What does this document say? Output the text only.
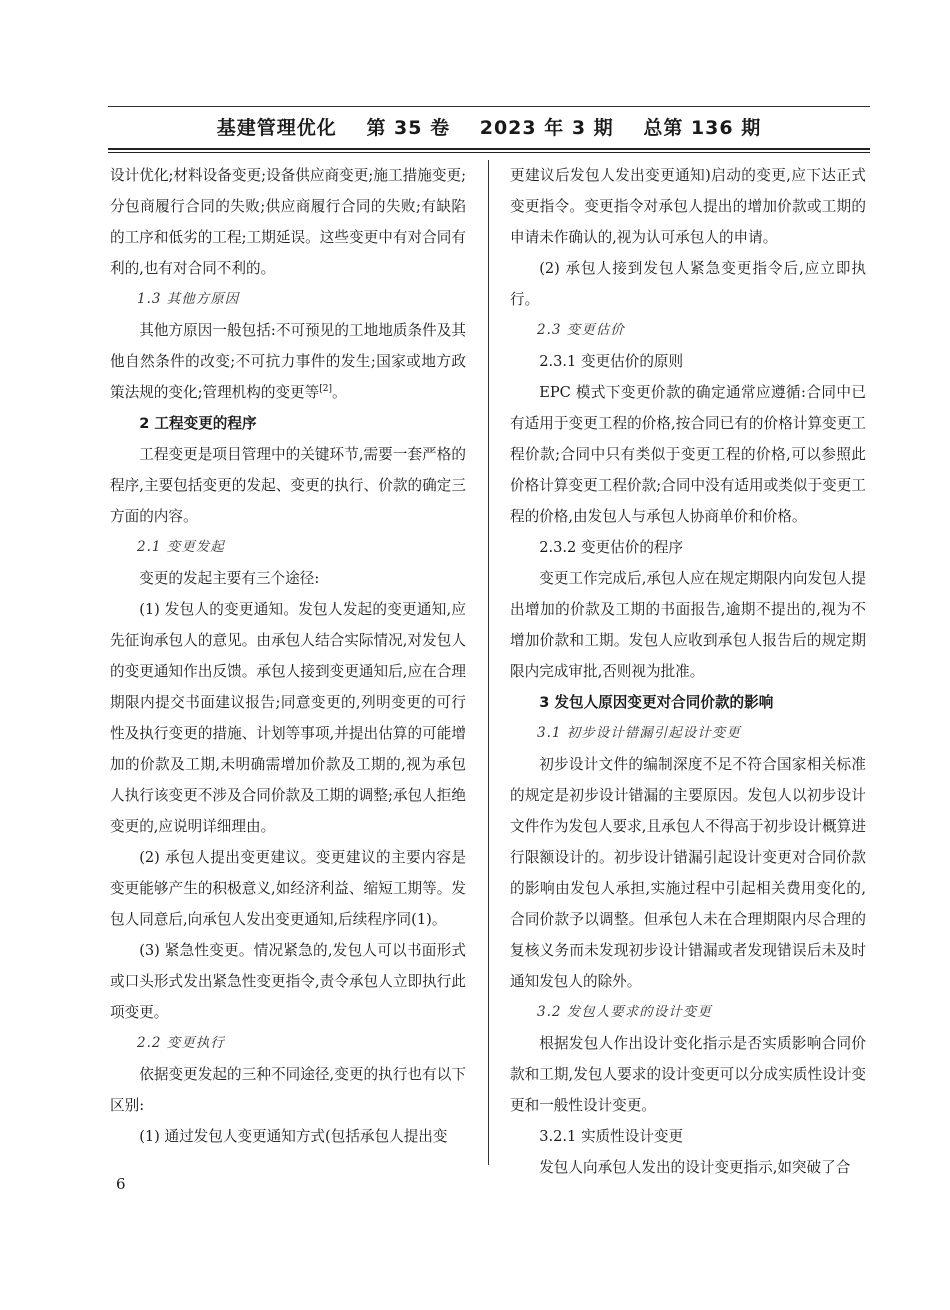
基建管理优化 第 35 卷 2023 年 3 期 总第 136 期

设计优化;材料设备变更;设备供应商变更;施工措施变更;分包商履行合同的失败;供应商履行合同的失败;有缺陷的工序和低劣的工程;工期延误。这些变更中有对合同有利的,也有对合同不利的。

1.3 其他方原因

其他方原因一般包括:不可预见的工地地质条件及其他自然条件的改变;不可抗力事件的发生;国家或地方政策法规的变化;管理机构的变更等[2]。

2 工程变更的程序

工程变更是项目管理中的关键环节,需要一套严格的程序,主要包括变更的发起、变更的执行、价款的确定三方面的内容。

2.1 变更发起

变更的发起主要有三个途径:

(1) 发包人的变更通知。发包人发起的变更通知,应先征询承包人的意见。由承包人结合实际情况,对发包人的变更通知作出反馈。承包人接到变更通知后,应在合理期限内提交书面建议报告;同意变更的,列明变更的可行性及执行变更的措施、计划等事项,并提出估算的可能增加的价款及工期,未明确需增加价款及工期的,视为承包人执行该变更不涉及合同价款及工期的调整;承包人拒绝变更的,应说明详细理由。

(2) 承包人提出变更建议。变更建议的主要内容是变更能够产生的积极意义,如经济利益、缩短工期等。发包人同意后,向承包人发出变更通知,后续程序同(1)。

(3) 紧急性变更。情况紧急的,发包人可以书面形式或口头形式发出紧急性变更指令,责令承包人立即执行此项变更。

2.2 变更执行

依据变更发起的三种不同途径,变更的执行也有以下区别:

(1) 通过发包人变更通知方式(包括承包人提出变

更建议后发包人发出变更通知)启动的变更,应下达正式变更指令。变更指令对承包人提出的增加价款或工期的申请未作确认的,视为认可承包人的申请。

(2) 承包人接到发包人紧急变更指令后,应立即执行。

2.3 变更估价
2.3.1 变更估价的原则

EPC 模式下变更价款的确定通常应遵循:合同中已有适用于变更工程的价格,按合同已有的价格计算变更工程价款;合同中只有类似于变更工程的价格,可以参照此价格计算变更工程价款;合同中没有适用或类似于变更工程的价格,由发包人与承包人协商单价和价格。

2.3.2 变更估价的程序

变更工作完成后,承包人应在规定期限内向发包人提出增加的价款及工期的书面报告,逾期不提出的,视为不增加价款和工期。发包人应收到承包人报告后的规定期限内完成审批,否则视为批准。

3 发包人原因变更对合同价款的影响
3.1 初步设计错漏引起设计变更

初步设计文件的编制深度不足不符合国家相关标准的规定是初步设计错漏的主要原因。发包人以初步设计文件作为发包人要求,且承包人不得高于初步设计概算进行限额设计的。初步设计错漏引起设计变更对合同价款的影响由发包人承担,实施过程中引起相关费用变化的,合同价款予以调整。但承包人未在合理期限内尽合理的复核义务而未发现初步设计错漏或者发现错误后未及时通知发包人的除外。

3.2 发包人要求的设计变更

根据发包人作出设计变化指示是否实质影响合同价款和工期,发包人要求的设计变更可以分成实质性设计变更和一般性设计变更。

3.2.1 实质性设计变更

发包人向承包人发出的设计变更指示,如突破了合

6
